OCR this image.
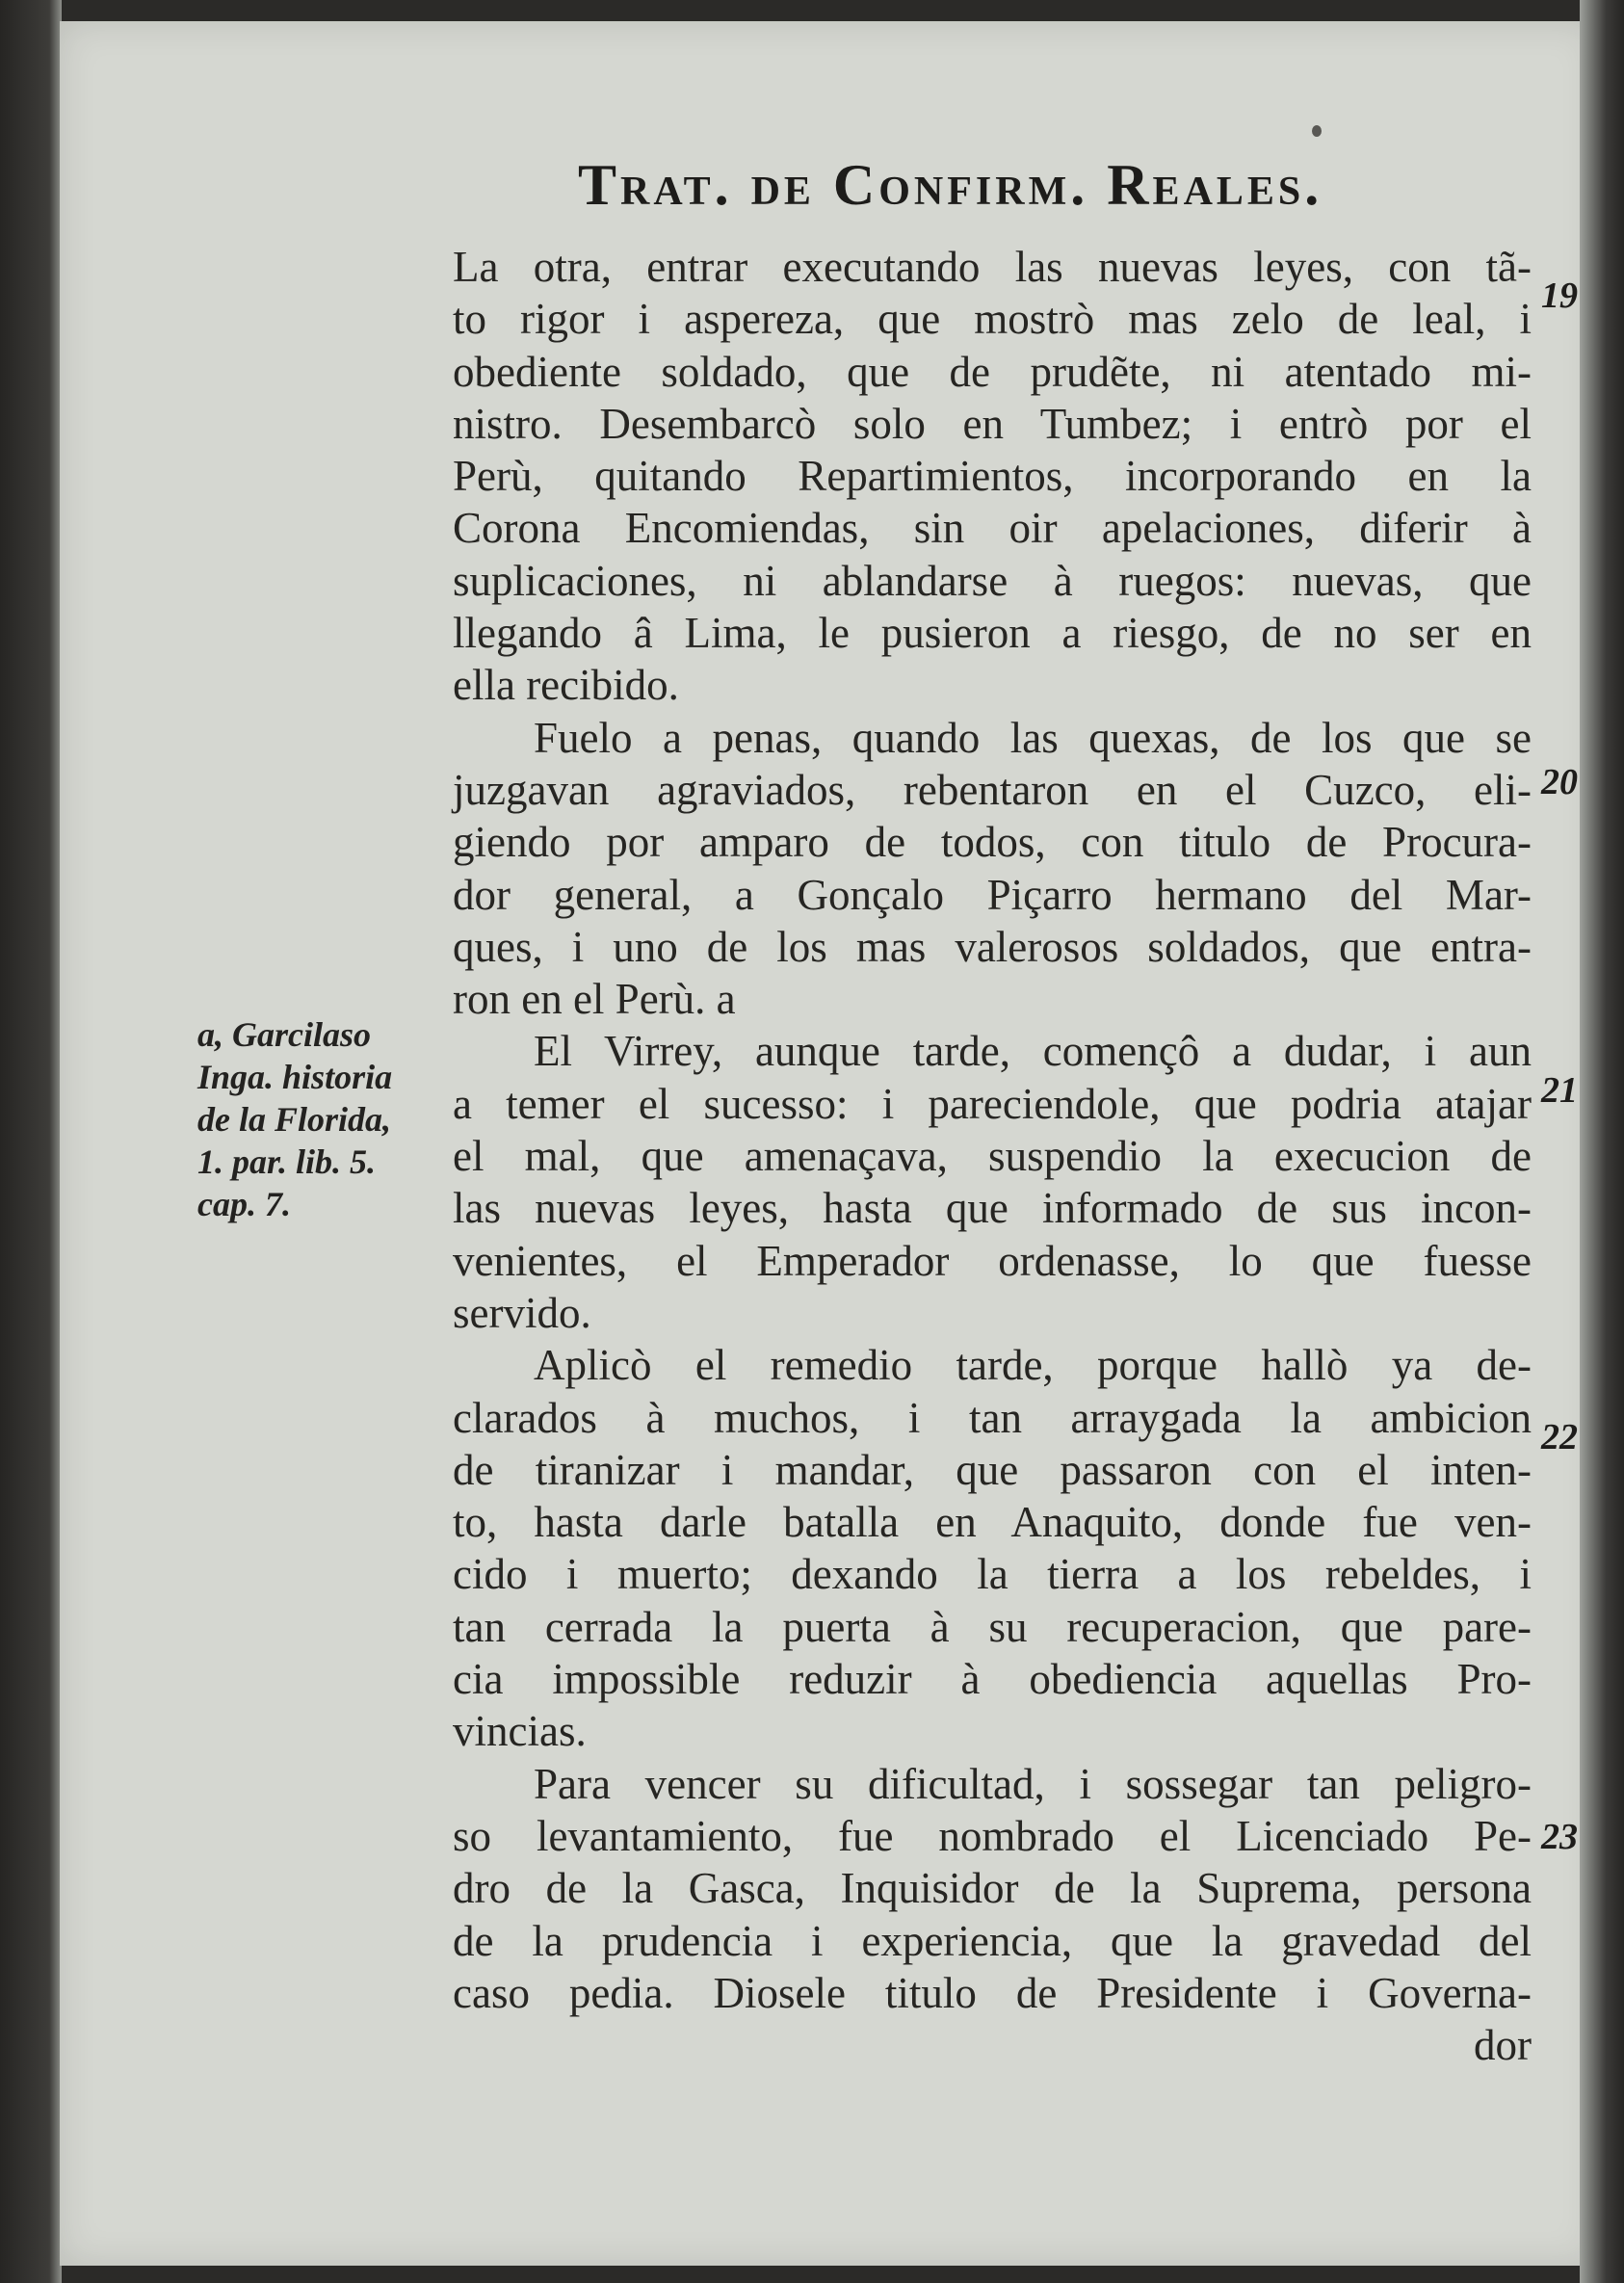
Trat. de Confirm. Reales.
La otra, entrar executando las nuevas leyes, con tã-
to rigor i aspereza, que mostrò mas zelo de leal, i
obediente soldado, que de prudẽte, ni atentado mi-
nistro. Desembarcò solo en Tumbez; i entrò por el
Perù, quitando Repartimientos, incorporando en la
Corona Encomiendas, sin oir apelaciones, diferir à
suplicaciones, ni ablandarse à ruegos: nuevas, que
llegando â Lima, le pusieron a riesgo, de no ser en
ella recibido.
Fuelo a penas, quando las quexas, de los que se
juzgavan agraviados, rebentaron en el Cuzco, eli-
giendo por amparo de todos, con titulo de Procura-
dor general, a Gonçalo Piçarro hermano del Mar-
ques, i uno de los mas valerosos soldados, que entra-
ron en el Perù. a
El Virrey, aunque tarde, començô a dudar, i aun
a temer el sucesso: i pareciendole, que podria atajar
el mal, que amenaçava, suspendio la execucion de
las nuevas leyes, hasta que informado de sus incon-
venientes, el Emperador ordenasse, lo que fuesse
servido.
Aplicò el remedio tarde, porque hallò ya de-
clarados à muchos, i tan arraygada la ambicion
de tiranizar i mandar, que passaron con el inten-
to, hasta darle batalla en Anaquito, donde fue ven-
cido i muerto; dexando la tierra a los rebeldes, i
tan cerrada la puerta à su recuperacion, que pare-
cia impossible reduzir à obediencia aquellas Pro-
vincias.
Para vencer su dificultad, i sossegar tan peligro-
so levantamiento, fue nombrado el Licenciado Pe-
dro de la Gasca, Inquisidor de la Suprema, persona
de la prudencia i experiencia, que la gravedad del
caso pedia. Diosele titulo de Presidente i Governa-
dor
19
20
21
22
23
a, Garcilaso
Inga. historia
de la Florida,
1. par. lib. 5.
cap. 7.
